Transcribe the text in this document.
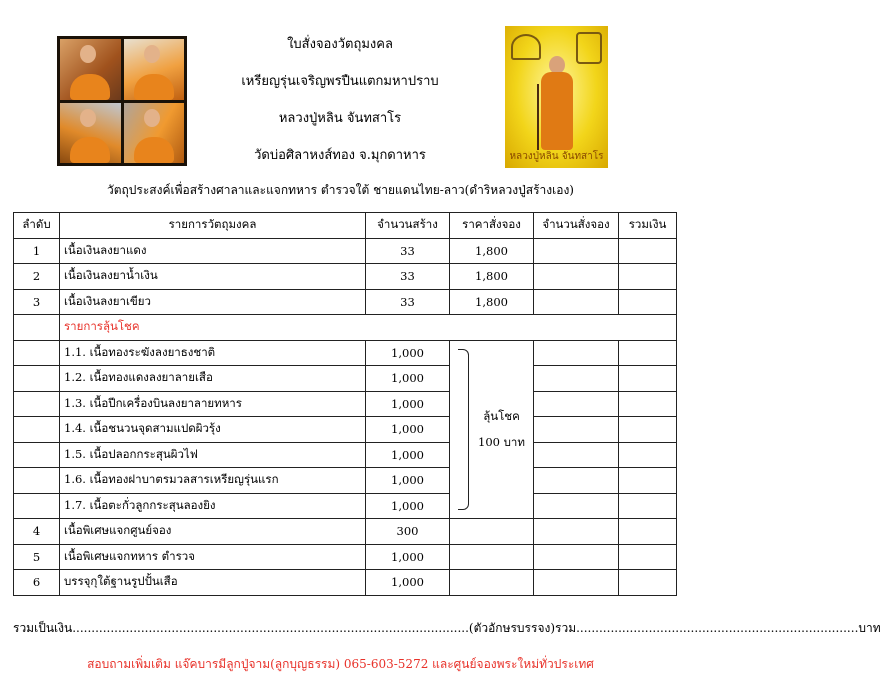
ใบสั่งจองวัตถุมงคล
เหรียญรุ่นเจริญพรปืนแตกมหาปราบ
หลวงปู่หลิน จันทสาโร
วัดบ่อศิลาหงส์ทอง จ.มุกดาหาร	หลวงปู่หลิน จันทสาโร
วัตถุประสงค์เพื่อสร้างศาลาและแจกทหาร ตำรวจใต้ ชายแดนไทย-ลาว(ดำริหลวงปู่สร้างเอง)
ลำดับ	รายการวัตถุมงคล	จำนวนสร้าง	ราคาสั่งจอง	จำนวนสั่งจอง	รวมเงิน
1	เนื้อเงินลงยาแดง	33	1,800		
2	เนื้อเงินลงยาน้ำเงิน	33	1,800		
3	เนื้อเงินลงยาเขียว	33	1,800		
	รายการลุ้นโชค				
	1.1. เนื้อทองระฆังลงยาธงชาติ	1,000	ลุ้นโชค
100 บาท		

	1.2. เนื้อทองแดงลงยาลายเสือ	1,000			
	1.3. เนื้อปีกเครื่องบินลงยาลายทหาร	1,000			
	1.4. เนื้อชนวนจุดสามแปดผิวรุ้ง	1,000			
	1.5. เนื้อปลอกกระสุนผิวไฟ	1,000			
	1.6. เนื้อทองฝาบาตรมวลสารเหรียญรุ่นแรก	1,000			
	1.7. เนื้อตะกั่วลูกกระสุนลองยิง	1,000			
4	เนื้อพิเศษแจกศูนย์จอง	300			
5	เนื้อพิเศษแจกทหาร ตำรวจ	1,000			
6	บรรจุกุใต้ฐานรูปปั้นเสือ	1,000			
รวมเป็นเงิน........................................................................................................(ตัวอักษรบรรจง)รวม..........................................................................บาท
สอบถามเพิ่มเติม แจ๊คบารมีลูกปู่จาม(ลูกบุญธรรม) 065-603-5272 และศูนย์จองพระใหม่ทั่วประเทศ
